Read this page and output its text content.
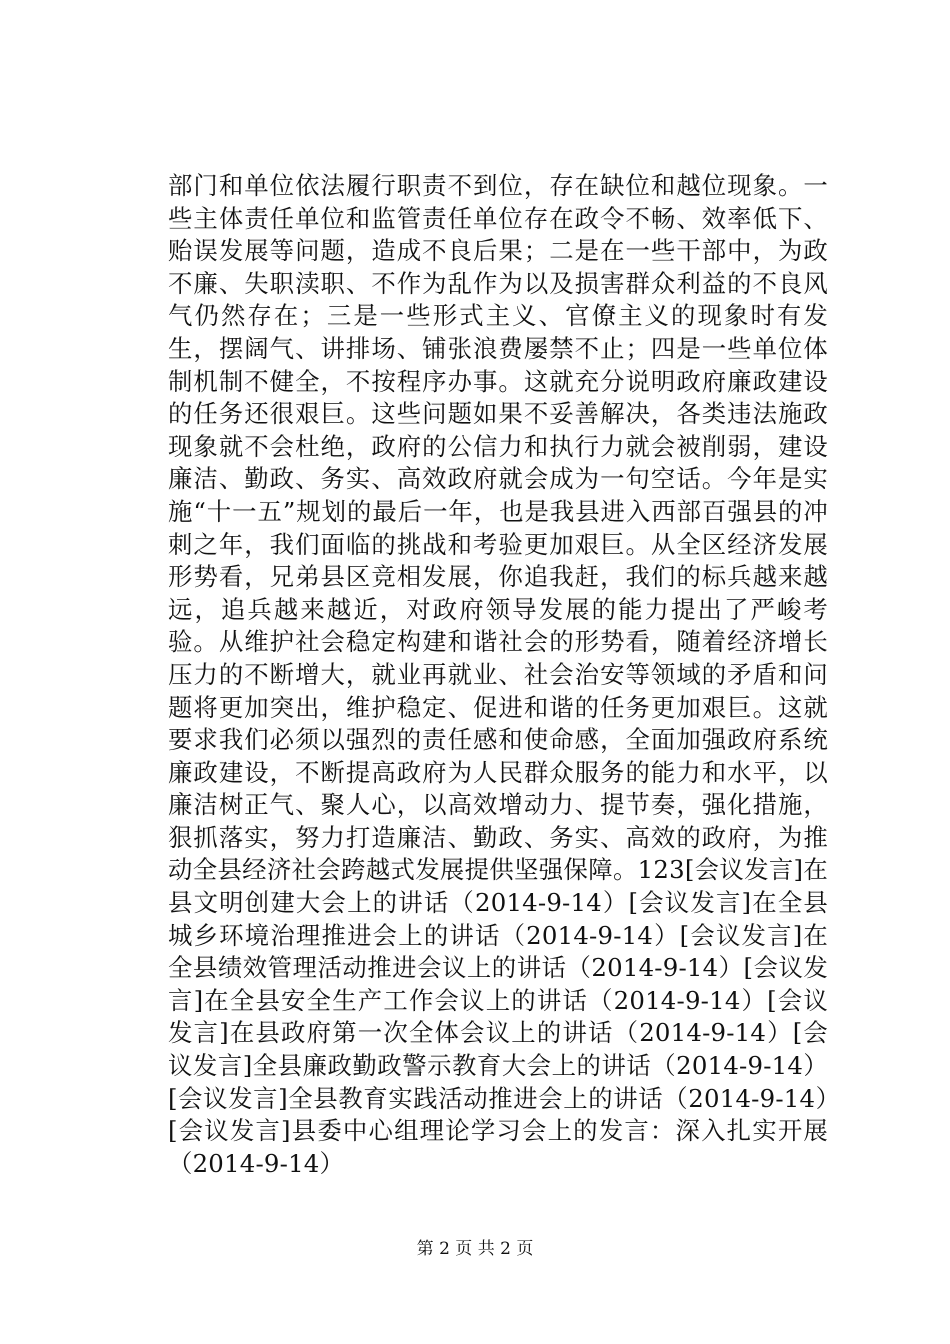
部门和单位依法履行职责不到位，存在缺位和越位现象。一些主体责任单位和监管责任单位存在政令不畅、效率低下、贻误发展等问题，造成不良后果；二是在一些干部中，为政不廉、失职渎职、不作为乱作为以及损害群众利益的不良风气仍然存在；三是一些形式主义、官僚主义的现象时有发生，摆阔气、讲排场、铺张浪费屡禁不止；四是一些单位体制机制不健全，不按程序办事。这就充分说明政府廉政建设的任务还很艰巨。这些问题如果不妥善解决，各类违法施政现象就不会杜绝，政府的公信力和执行力就会被削弱，建设廉洁、勤政、务实、高效政府就会成为一句空话。今年是实施“十一五”规划的最后一年，也是我县进入西部百强县的冲刺之年，我们面临的挑战和考验更加艰巨。从全区经济发展形势看，兄弟县区竞相发展，你追我赶，我们的标兵越来越远，追兵越来越近，对政府领导发展的能力提出了严峻考验。从维护社会稳定构建和谐社会的形势看，随着经济增长压力的不断增大，就业再就业、社会治安等领域的矛盾和问题将更加突出，维护稳定、促进和谐的任务更加艰巨。这就要求我们必须以强烈的责任感和使命感，全面加强政府系统廉政建设，不断提高政府为人民群众服务的能力和水平，以廉洁树正气、聚人心，以高效增动力、提节奏，强化措施，狠抓落实，努力打造廉洁、勤政、务实、高效的政府，为推动全县经济社会跨越式发展提供坚强保障。123[会议发言]在县文明创建大会上的讲话（2014-9-14）[会议发言]在全县城乡环境治理推进会上的讲话（2014-9-14）[会议发言]在全县绩效管理活动推进会议上的讲话（2014-9-14）[会议发言]在全县安全生产工作会议上的讲话（2014-9-14）[会议发言]在县政府第一次全体会议上的讲话（2014-9-14）[会议发言]全县廉政勤政警示教育大会上的讲话（2014-9-14）[会议发言]全县教育实践活动推进会上的讲话（2014-9-14）[会议发言]县委中心组理论学习会上的发言：深入扎实开展（2014-9-14）

第 2 页 共 2 页
